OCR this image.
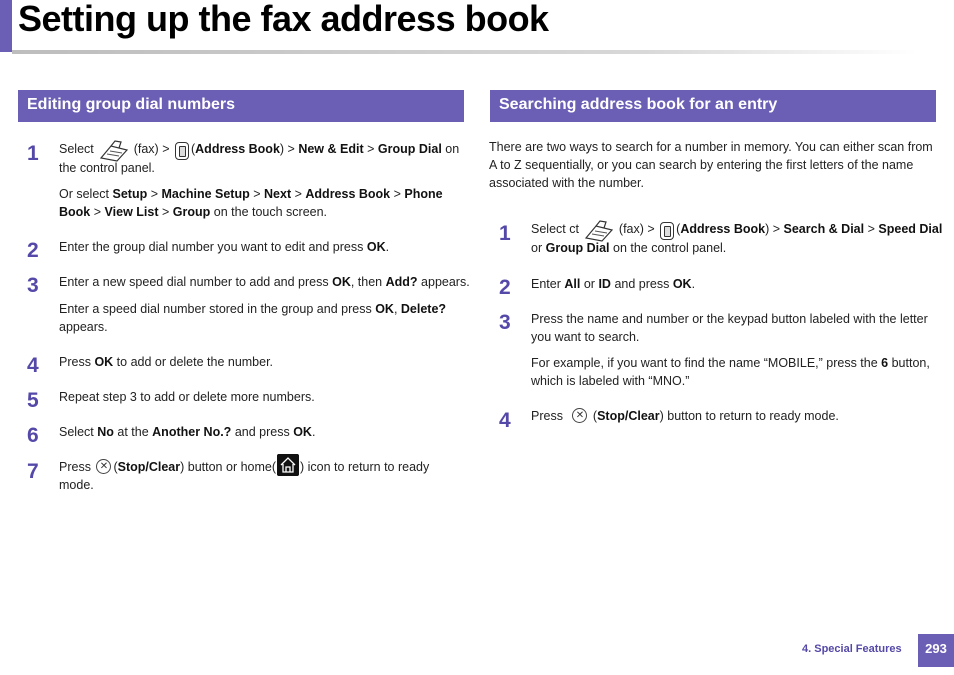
Setting up the fax address book
Editing group dial numbers
1 Select	(fax) > (Address Book) > New & Edit > Group Dial on
the control panel.
Or select Setup > Machine Setup > Next > Address Book > Phone
Book > View List > Group on the touch screen.
2 Enter the group dial number you want to edit and press OK.
3 Enter a new speed dial number to add and press OK, then Add? appears.
Enter a speed dial number stored in the group and press OK, Delete?
appears.
4 Press OK to add or delete the number.
5 Repeat step 3 to add or delete more numbers.
6 Select No at the Another No.? and press OK.
7 Press ✕ (Stop/Clear) button or home( ) icon to return to ready
mode.
Searching address book for an entry
There are two ways to search for a number in memory. You can either scan from
A to Z sequentially, or you can search by entering the first letters of the name
associated with the number.
1 Select ct	(fax) > (Address Book) > Search & Dial > Speed Dial
or Group Dial on the control panel.
2 Enter All or ID and press OK.
3 Press the name and number or the keypad button labeled with the letter
you want to search.
For example, if you want to find the name “MOBILE,” press the 6 button,
which is labeled with “MNO.”
4 Press ✕ (Stop/Clear) button to return to ready mode.
4. Special Features	293
